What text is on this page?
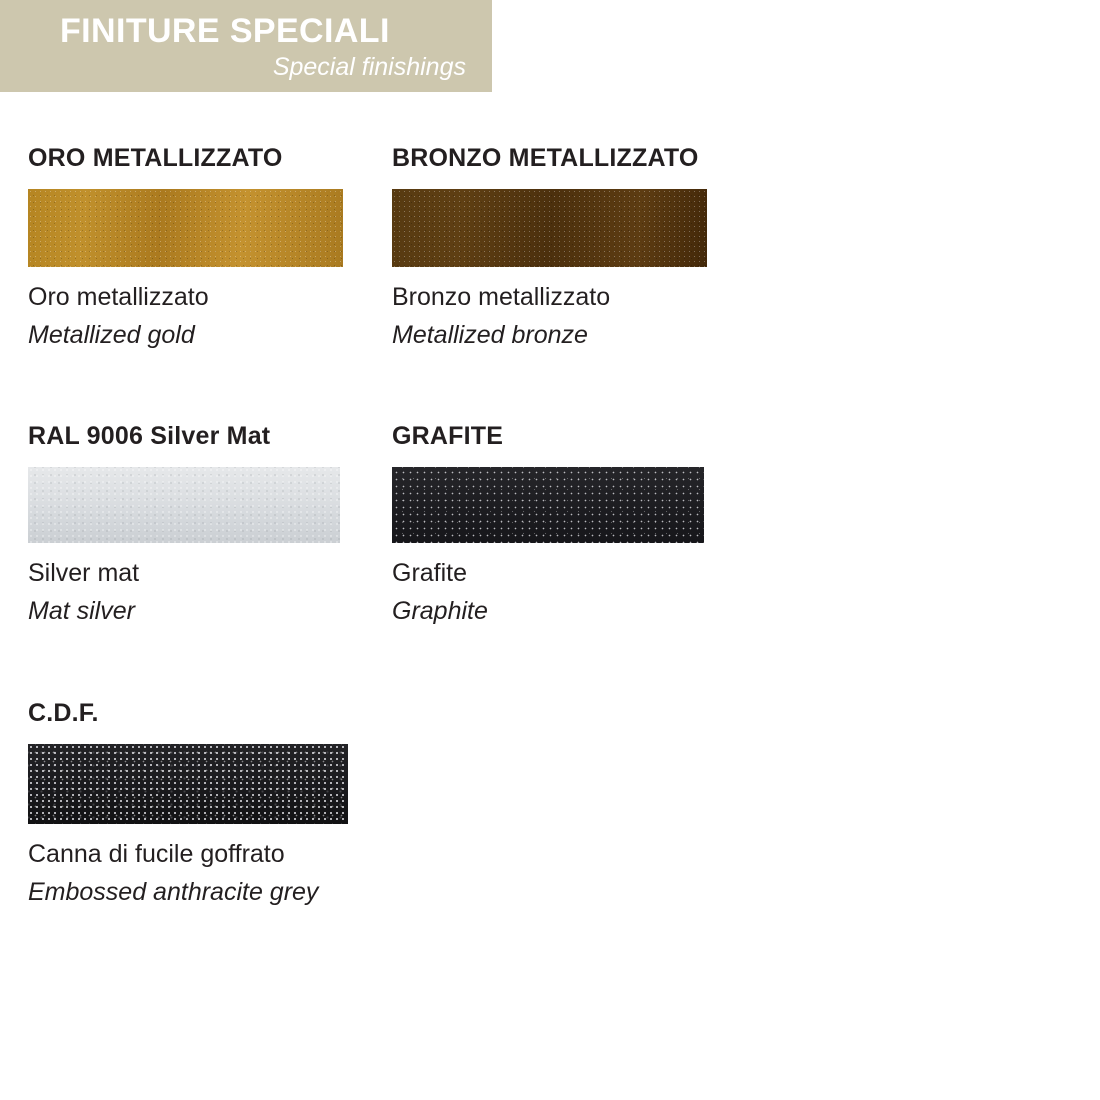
FINITURE SPECIALI
Special finishings
ORO METALLIZZATO
Oro metallizzato
Metallized gold
BRONZO METALLIZZATO
Bronzo metallizzato
Metallized bronze
RAL 9006 Silver Mat
Silver mat
Mat silver
GRAFITE
Grafite
Graphite
C.D.F.
Canna di fucile goffrato
Embossed anthracite grey
